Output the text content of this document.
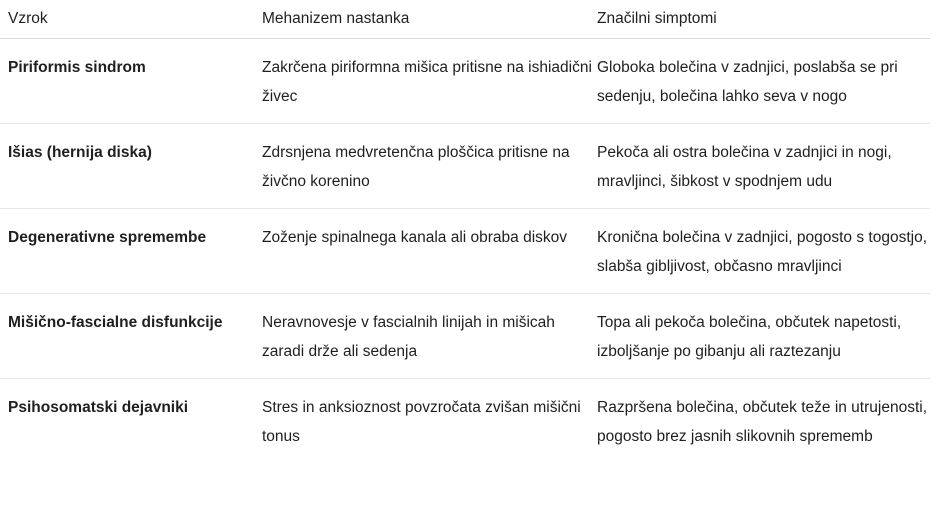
Vzrok	Mehanizem nastanka	Značilni simptomi
Piriformis sindrom	Zakrčena piriformna mišica pritisne na ishiadični živec	Globoka bolečina v zadnjici, poslabša se pri sedenju, bolečina lahko seva v nogo
Išias (hernija diska)	Zdrsnjena medvretenčna ploščica pritisne na živčno korenino	Pekoča ali ostra bolečina v zadnjici in nogi, mravljinci, šibkost v spodnjem udu
Degenerativne spremembe	Zoženje spinalnega kanala ali obraba diskov	Kronična bolečina v zadnjici, pogosto s togostjo, slabša gibljivost, občasno mravljinci
Mišično-fascialne disfunkcije	Neravnovesje v fascialnih linijah in mišicah zaradi drže ali sedenja	Topa ali pekoča bolečina, občutek napetosti, izboljšanje po gibanju ali raztezanju
Psihosomatski dejavniki	Stres in anksioznost povzročata zvišan mišični tonus	Razpršena bolečina, občutek teže in utrujenosti, pogosto brez jasnih slikovnih sprememb
